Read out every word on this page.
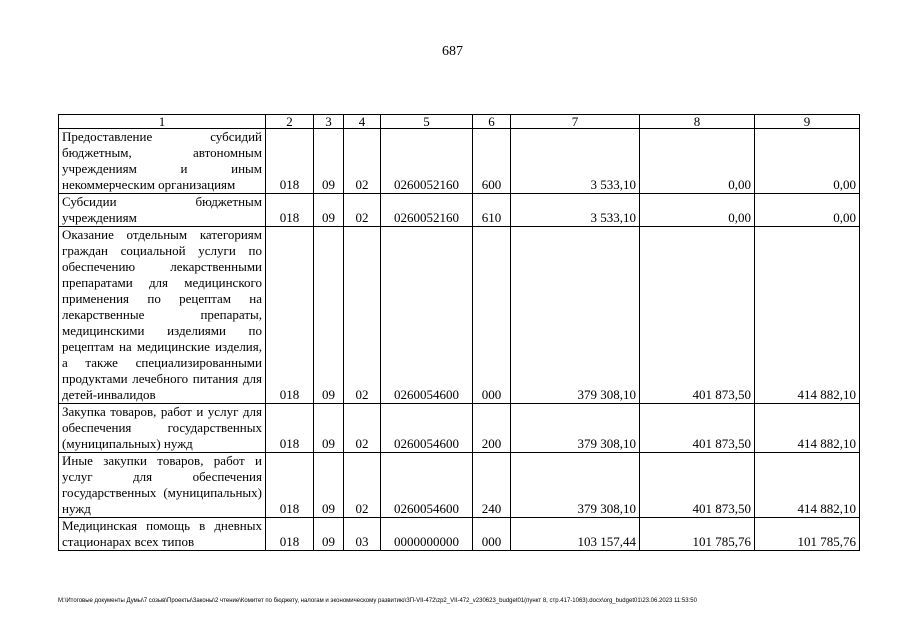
687
1	2	3	4	5	6	7	8	9
Предоставление субсидий бюджетным, автономным учреждениям и иным некоммерческим организациям	018	09	02	0260052160	600	3 533,10	0,00	0,00
Субсидии бюджетным учреждениям	018	09	02	0260052160	610	3 533,10	0,00	0,00
Оказание отдельным категориям граждан социальной услуги по обеспечению лекарственными препаратами для медицинского применения по рецептам на лекарственные препараты, медицинскими изделиями по рецептам на медицинские изделия, а также специализированными продуктами лечебного питания для детей-инвалидов	018	09	02	0260054600	000	379 308,10	401 873,50	414 882,10
Закупка товаров, работ и услуг для обеспечения государственных (муниципальных) нужд	018	09	02	0260054600	200	379 308,10	401 873,50	414 882,10
Иные закупки товаров, работ и услуг для обеспечения государственных (муниципальных) нужд	018	09	02	0260054600	240	379 308,10	401 873,50	414 882,10
Медицинская помощь в дневных стационарах всех типов	018	09	03	0000000000	000	103 157,44	101 785,76	101 785,76
M:\Итоговые документы Думы\7 созыв\Проекты\Законы\2 чтение\Комитет по бюджету, налогам и экономическому развитию\ЗП-VII-472\zp2_VII-472_v230623_budget01(пункт 8, стр.417-1063).docx\org_budget01\23.06.2023 11:53:50
